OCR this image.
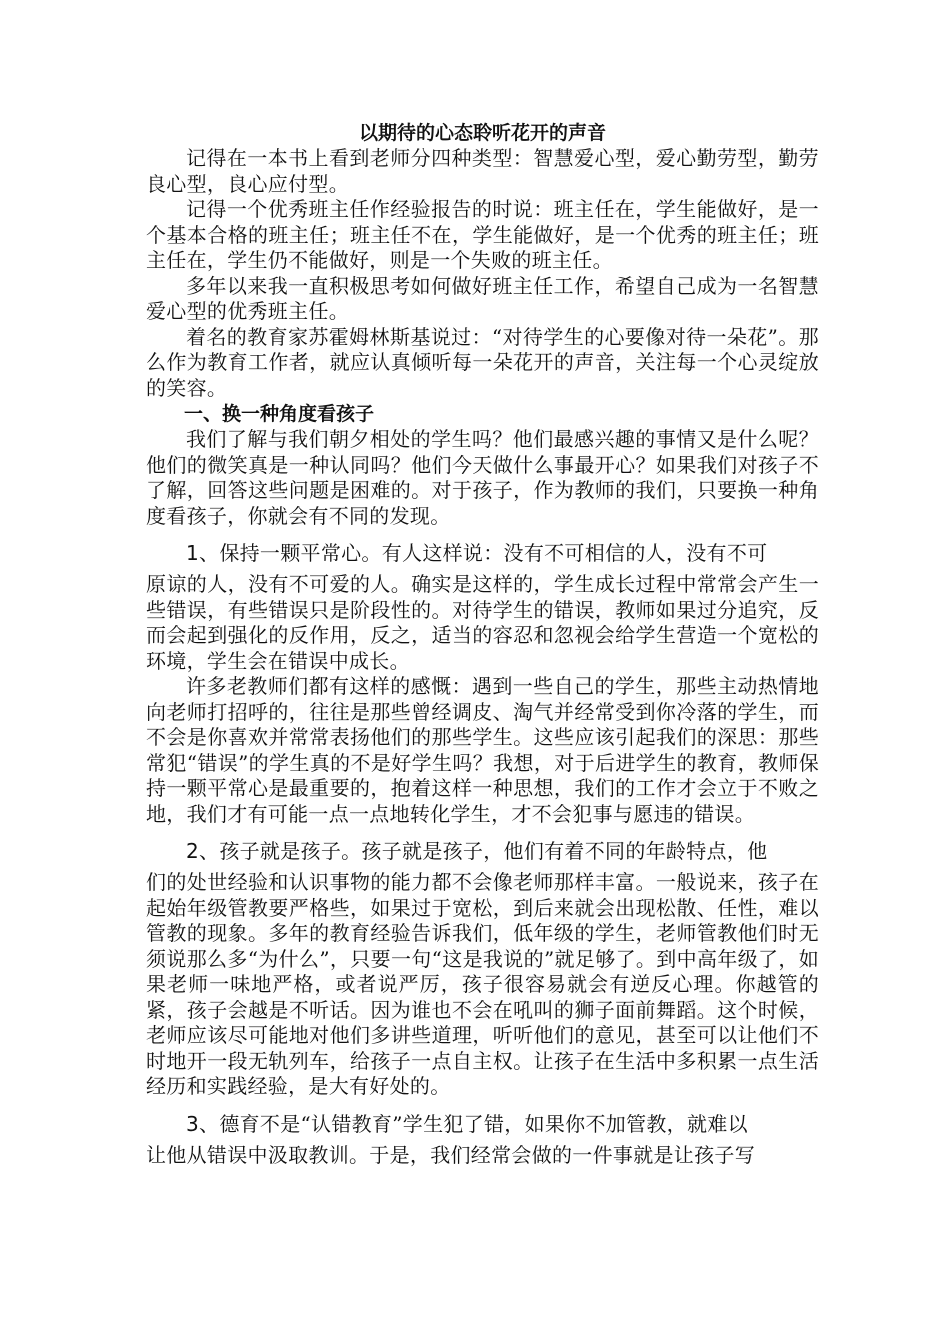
以期待的心态聆听花开的声音

记得在一本书上看到老师分四种类型：智慧爱心型，爱心勤劳型，勤劳良心型，良心应付型。

记得一个优秀班主任作经验报告的时说：班主任在，学生能做好，是一个基本合格的班主任；班主任不在，学生能做好，是一个优秀的班主任；班主任在，学生仍不能做好，则是一个失败的班主任。

多年以来我一直积极思考如何做好班主任工作，希望自己成为一名智慧爱心型的优秀班主任。

着名的教育家苏霍姆林斯基说过：“对待学生的心要像对待一朵花”。那么作为教育工作者，就应认真倾听每一朵花开的声音，关注每一个心灵绽放的笑容。

一、换一种角度看孩子

我们了解与我们朝夕相处的学生吗？他们最感兴趣的事情又是什么呢？他们的微笑真是一种认同吗？他们今天做什么事最开心？如果我们对孩子不了解，回答这些问题是困难的。对于孩子，作为教师的我们，只要换一种角度看孩子，你就会有不同的发现。

1、保持一颗平常心。有人这样说：没有不可相信的人，没有不可

原谅的人，没有不可爱的人。确实是这样的，学生成长过程中常常会产生一些错误，有些错误只是阶段性的。对待学生的错误，教师如果过分追究，反而会起到强化的反作用，反之，适当的容忍和忽视会给学生营造一个宽松的环境，学生会在错误中成长。

许多老教师们都有这样的感慨：遇到一些自己的学生，那些主动热情地向老师打招呼的，往往是那些曾经调皮、淘气并经常受到你冷落的学生，而不会是你喜欢并常常表扬他们的那些学生。这些应该引起我们的深思：那些常犯“错误”的学生真的不是好学生吗？我想，对于后进学生的教育，教师保持一颗平常心是最重要的，抱着这样一种思想，我们的工作才会立于不败之地，我们才有可能一点一点地转化学生，才不会犯事与愿违的错误。

2、孩子就是孩子。孩子就是孩子，他们有着不同的年龄特点，他

们的处世经验和认识事物的能力都不会像老师那样丰富。一般说来，孩子在起始年级管教要严格些，如果过于宽松，到后来就会出现松散、任性，难以管教的现象。多年的教育经验告诉我们，低年级的学生，老师管教他们时无须说那么多“为什么”，只要一句“这是我说的”就足够了。到中高年级了，如果老师一味地严格，或者说严厉，孩子很容易就会有逆反心理。你越管的紧，孩子会越是不听话。因为谁也不会在吼叫的狮子面前舞蹈。这个时候，老师应该尽可能地对他们多讲些道理，听听他们的意见，甚至可以让他们不时地开一段无轨列车，给孩子一点自主权。让孩子在生活中多积累一点生活经历和实践经验，是大有好处的。

3、德育不是“认错教育”学生犯了错，如果你不加管教，就难以

让他从错误中汲取教训。于是，我们经常会做的一件事就是让孩子写
